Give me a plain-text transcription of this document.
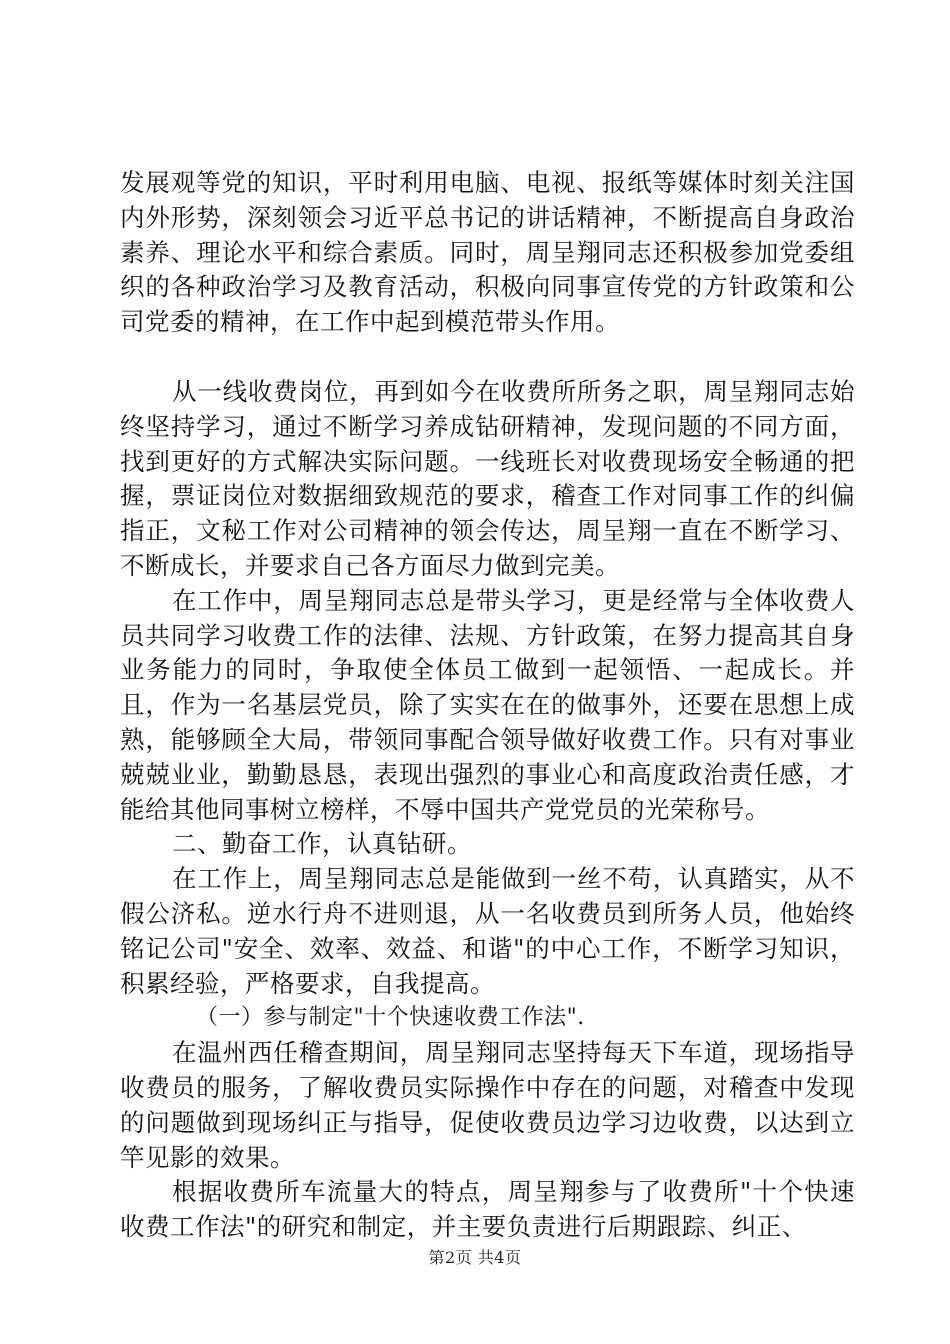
发展观等党的知识，平时利用电脑、电视、报纸等媒体时刻关注国内外形势，深刻领会习近平总书记的讲话精神，不断提高自身政治素养、理论水平和综合素质。同时，周呈翔同志还积极参加党委组织的各种政治学习及教育活动，积极向同事宣传党的方针政策和公司党委的精神，在工作中起到模范带头作用。

从一线收费岗位，再到如今在收费所所务之职，周呈翔同志始终坚持学习，通过不断学习养成钻研精神，发现问题的不同方面，找到更好的方式解决实际问题。一线班长对收费现场安全畅通的把握，票证岗位对数据细致规范的要求，稽查工作对同事工作的纠偏指正，文秘工作对公司精神的领会传达，周呈翔一直在不断学习、不断成长，并要求自己各方面尽力做到完美。

在工作中，周呈翔同志总是带头学习，更是经常与全体收费人员共同学习收费工作的法律、法规、方针政策，在努力提高其自身业务能力的同时，争取使全体员工做到一起领悟、一起成长。并且，作为一名基层党员，除了实实在在的做事外，还要在思想上成熟，能够顾全大局，带领同事配合领导做好收费工作。只有对事业兢兢业业，勤勤恳恳，表现出强烈的事业心和高度政治责任感，才能给其他同事树立榜样，不辱中国共产党党员的光荣称号。

二、勤奋工作，认真钻研。

在工作上，周呈翔同志总是能做到一丝不苟，认真踏实，从不假公济私。逆水行舟不进则退，从一名收费员到所务人员，他始终铭记公司"安全、效率、效益、和谐"的中心工作，不断学习知识，积累经验，严格要求，自我提高。

（一）参与制定"十个快速收费工作法".

在温州西任稽查期间，周呈翔同志坚持每天下车道，现场指导收费员的服务，了解收费员实际操作中存在的问题，对稽查中发现的问题做到现场纠正与指导，促使收费员边学习边收费，以达到立竿见影的效果。

根据收费所车流量大的特点，周呈翔参与了收费所"十个快速收费工作法"的研究和制定，并主要负责进行后期跟踪、纠正、

第2页 共4页
